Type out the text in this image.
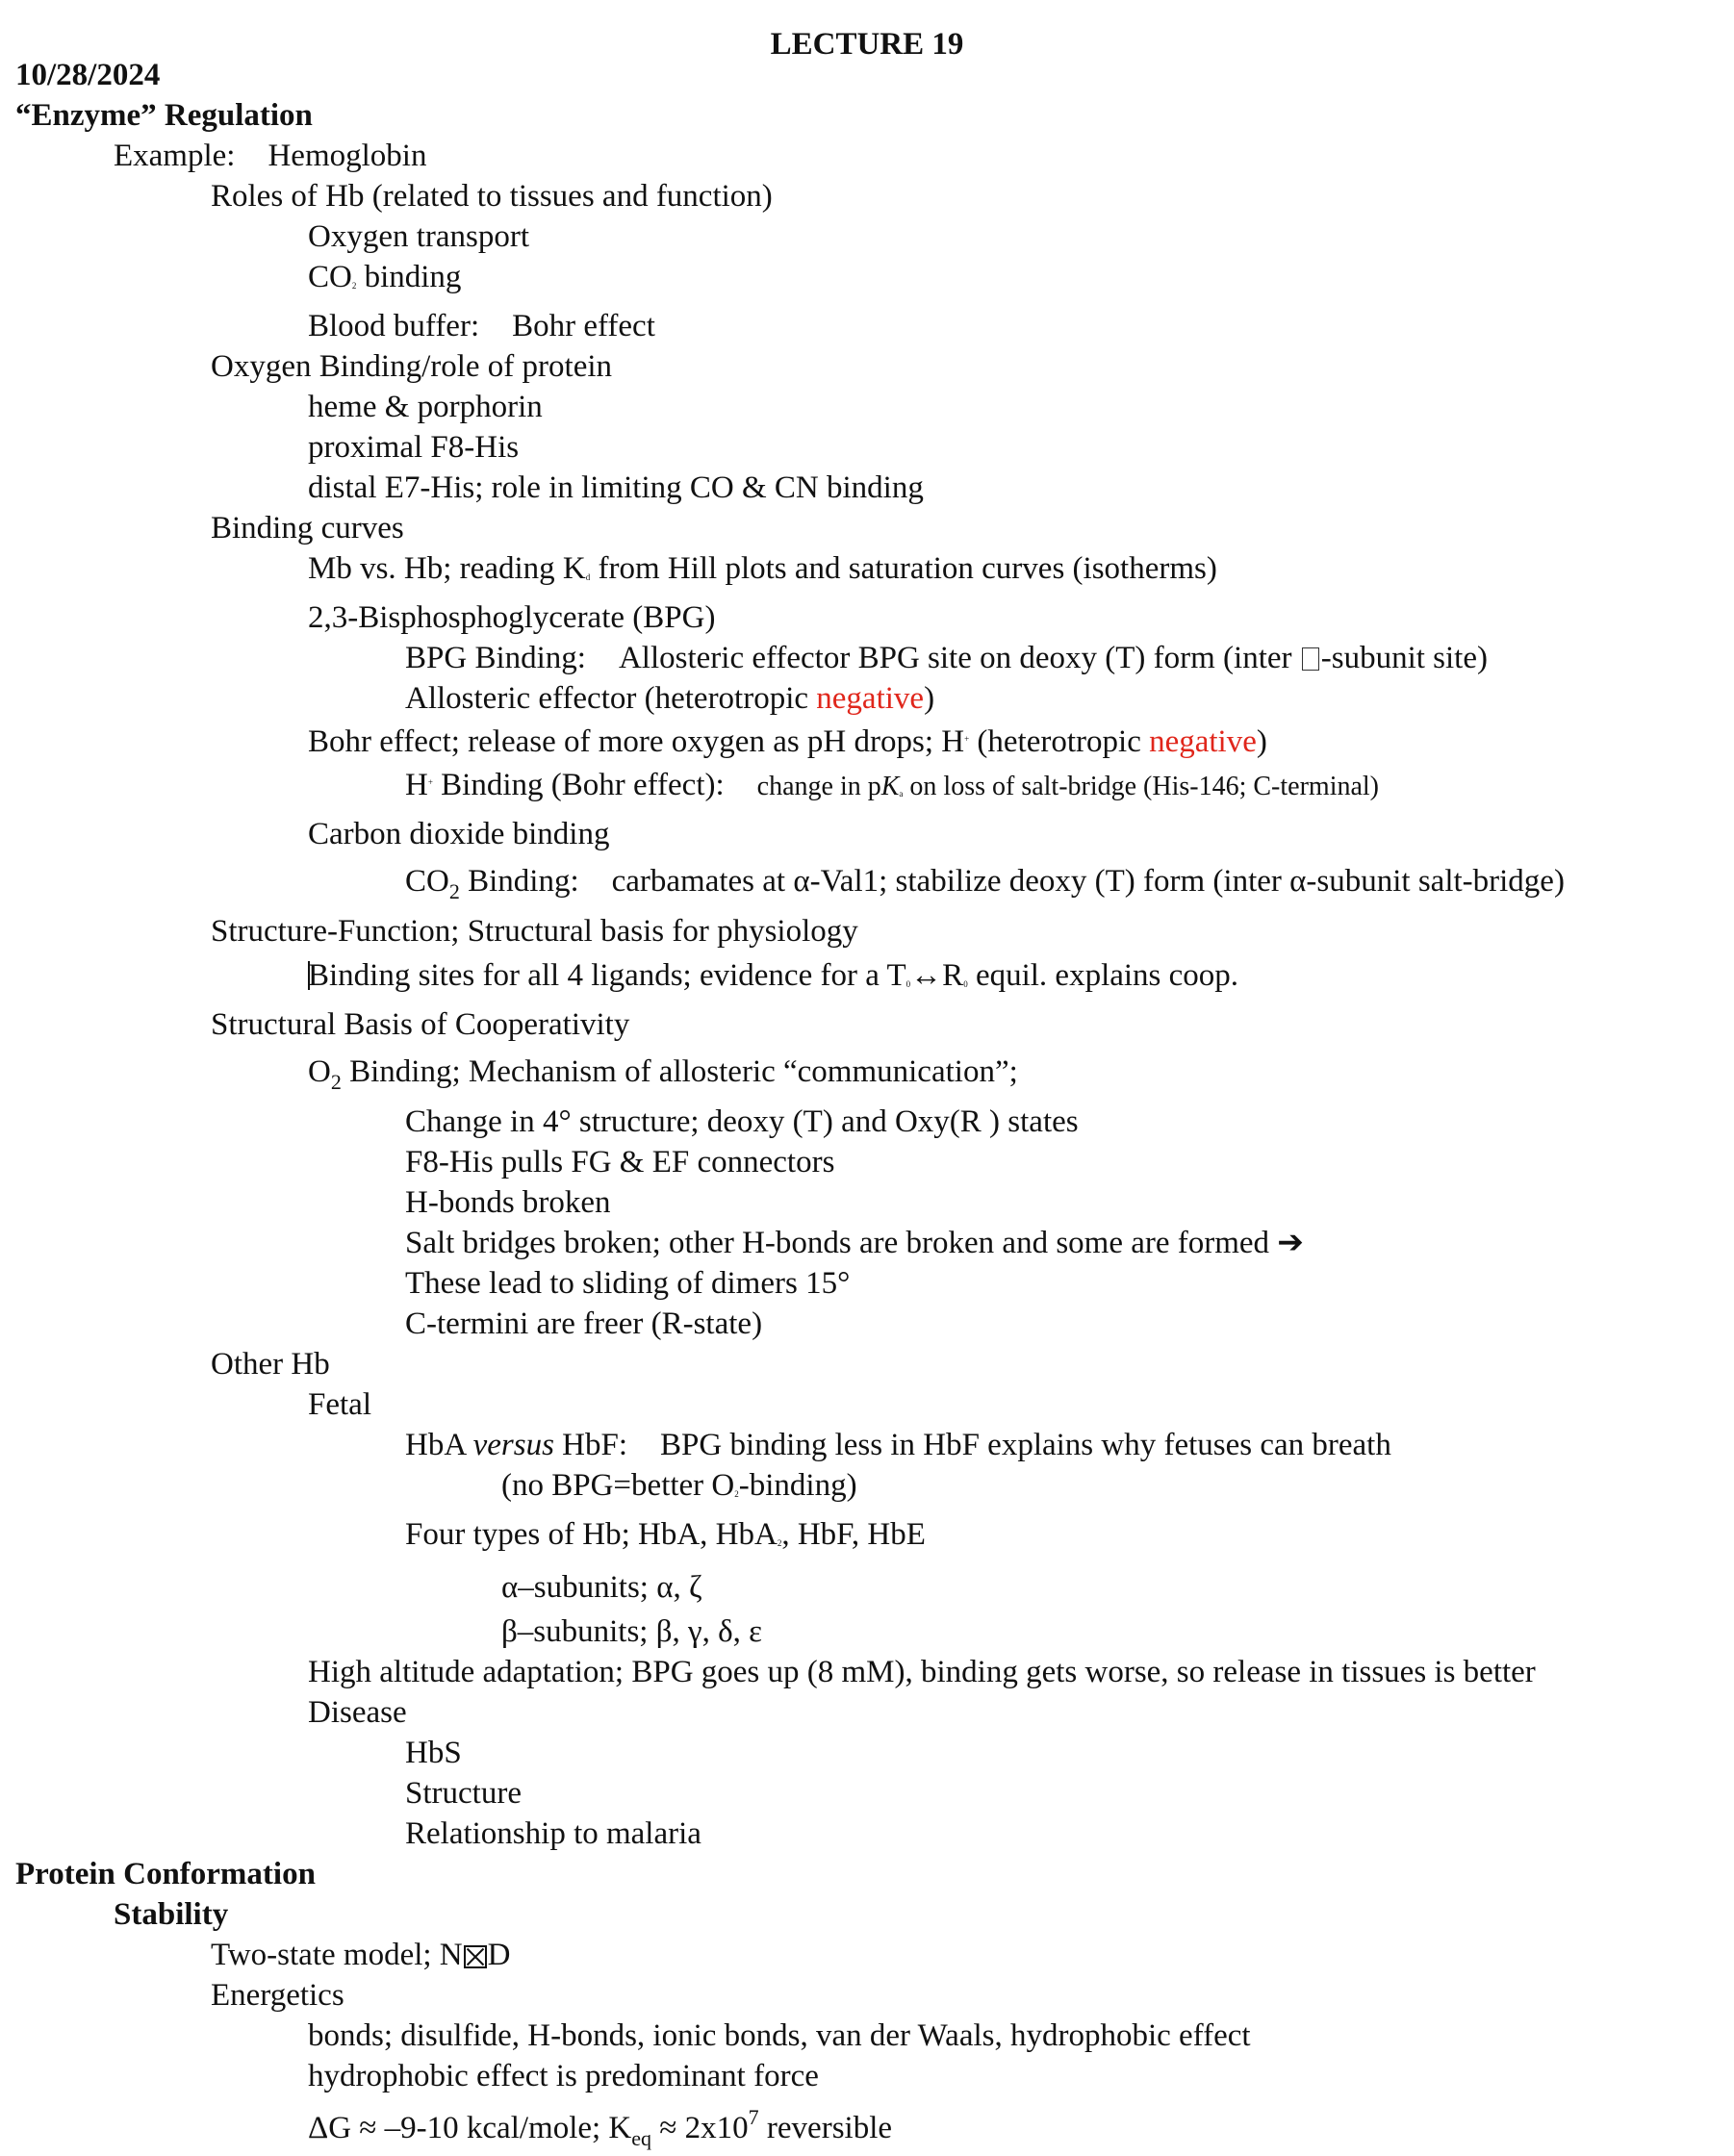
LECTURE 19
10/28/2024
“Enzyme” Regulation
Example: Hemoglobin
Roles of Hb (related to tissues and function)
Oxygen transport
CO2 binding
Blood buffer: Bohr effect
Oxygen Binding/role of protein
heme & porphorin
proximal F8-His
distal E7-His; role in limiting CO & CN binding
Binding curves
Mb vs. Hb; reading Kd from Hill plots and saturation curves (isotherms)
2,3-Bisphosphoglycerate (BPG)
BPG Binding: Allosteric effector BPG site on deoxy (T) form (inter -subunit site)
Allosteric effector (heterotropic negative)
Bohr effect; release of more oxygen as pH drops; H+ (heterotropic negative)
H+ Binding (Bohr effect): change in pKa on loss of salt-bridge (His-146; C-terminal)
Carbon dioxide binding
$CO_2$ Binding: carbamates at α-Val1; stabilize deoxy (T) form (inter α-subunit salt-bridge)
Structure-Function; Structural basis for physiology
Binding sites for all 4 ligands; evidence for a T0↔R0 equil. explains coop.
Structural Basis of Cooperativity
$O_2$ Binding; Mechanism of allosteric “communication”;
Change in 4° structure; deoxy (T) and Oxy(R ) states
F8-His pulls FG & EF connectors
H-bonds broken
Salt bridges broken; other H-bonds are broken and some are formed ➔
These lead to sliding of dimers 15°
C-termini are freer (R-state)
Other Hb
Fetal
HbA versus HbF: BPG binding less in HbF explains why fetuses can breath
(no BPG=better O2-binding)
Four types of Hb; HbA, HbA2, HbF, HbE
α–subunits; α, ζ
β–subunits; β, γ, δ, ε
High altitude adaptation; BPG goes up (8 mM), binding gets worse, so release in tissues is better
Disease
HbS
Structure
Relationship to malaria
Protein Conformation
Stability
Two-state model; N D
Energetics
bonds; disulfide, H-bonds, ionic bonds, van der Waals, hydrophobic effect
hydrophobic effect is predominant force
ΔG ≈ –9-10 kcal/mole; $K_{eq} \approx 2x10^7$ reversible
